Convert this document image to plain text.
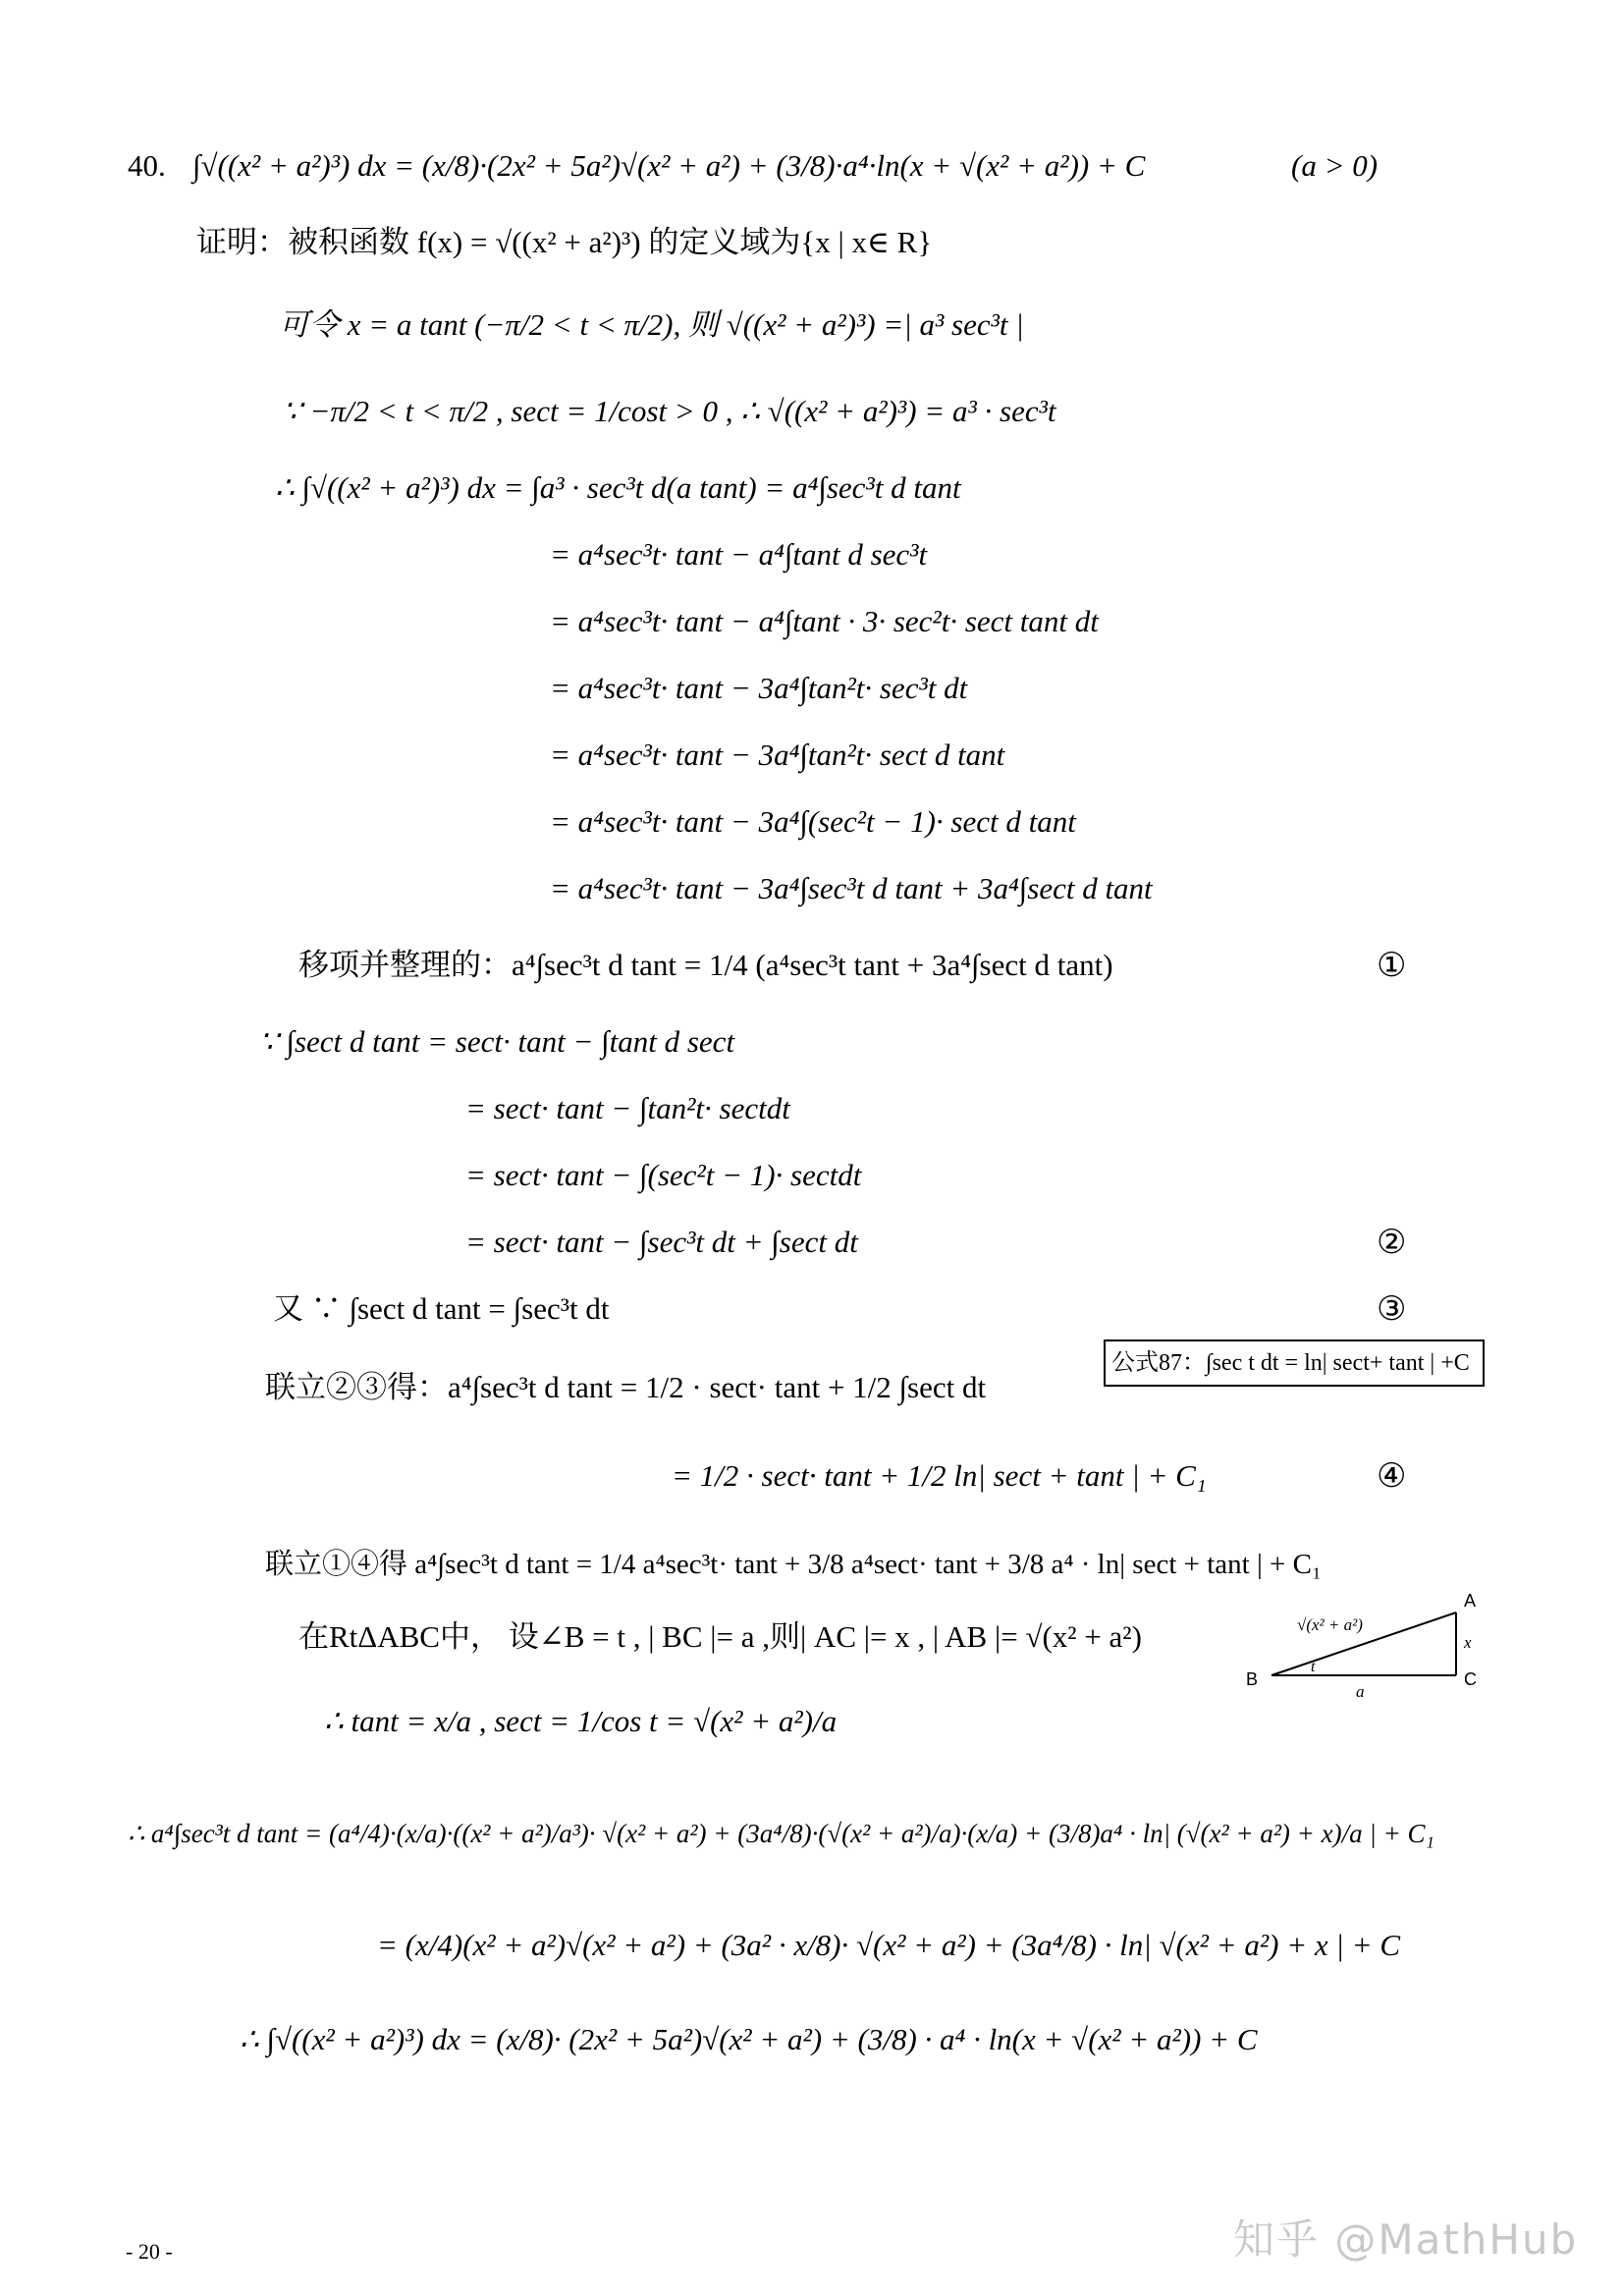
40. ∫√((x² + a²)³) dx = (x/8)·(2x² + 5a²)√(x² + a²) + (3/8)·a⁴·ln(x + √(x² + a²)) + C	(a > 0)
证明：被积函数 f(x) = √((x² + a²)³) 的定义域为{x | x∈ R}
可令 x = a tant (−π/2 < t < π/2), 则 √((x² + a²)³) =| a³ sec³t |
∵ −π/2 < t < π/2 , sect = 1/cost > 0 , ∴ √((x² + a²)³) = a³ · sec³t
∴ ∫√((x² + a²)³) dx = ∫a³ · sec³t d(a tant) = a⁴∫sec³t d tant
= a⁴sec³t· tant − a⁴∫tant d sec³t
= a⁴sec³t· tant − a⁴∫tant · 3· sec²t· sect tant dt
= a⁴sec³t· tant − 3a⁴∫tan²t· sec³t dt
= a⁴sec³t· tant − 3a⁴∫tan²t· sect d tant
= a⁴sec³t· tant − 3a⁴∫(sec²t − 1)· sect d tant
= a⁴sec³t· tant − 3a⁴∫sec³t d tant + 3a⁴∫sect d tant
移项并整理的：a⁴∫sec³t d tant = 1/4 (a⁴sec³t tant + 3a⁴∫sect d tant)	①
∵ ∫sect d tant = sect· tant − ∫tant d sect
= sect· tant − ∫tan²t· sectdt
= sect· tant − ∫(sec²t − 1)· sectdt
= sect· tant − ∫sec³t dt + ∫sect dt	②
又 ∵ ∫sect d tant = ∫sec³t dt	③
公式87：∫sec t dt = ln| sect+ tant | +C
联立②③得：a⁴∫sec³t d tant = 1/2 · sect· tant + 1/2 ∫sect dt
= 1/2 · sect· tant + 1/2 ln| sect + tant | + C₁	④
联立①④得 a⁴∫sec³t d tant = 1/4 a⁴sec³t· tant + 3/8 a⁴sect· tant + 3/8 a⁴ · ln| sect + tant | + C₁
在RtΔABC中， 设∠B = t , | BC |= a ,则| AC |= x , | AB |= √(x² + a²)
A
B	C
√(x² + a²)
x
a
t
∴ tant = x/a , sect = 1/cos t = √(x² + a²)/a
∴ a⁴∫sec³t d tant = (a⁴/4)·(x/a)·((x² + a²)/a³)· √(x² + a²) + (3a⁴/8)·(√(x² + a²)/a)·(x/a) + (3/8)a⁴ · ln| (√(x² + a²) + x)/a | + C₁
= (x/4)(x² + a²)√(x² + a²) + (3a² · x/8)· √(x² + a²) + (3a⁴/8) · ln| √(x² + a²) + x | + C
∴ ∫√((x² + a²)³) dx = (x/8)· (2x² + 5a²)√(x² + a²) + (3/8) · a⁴ · ln(x + √(x² + a²)) + C
- 20 -	知乎 @MathHub
